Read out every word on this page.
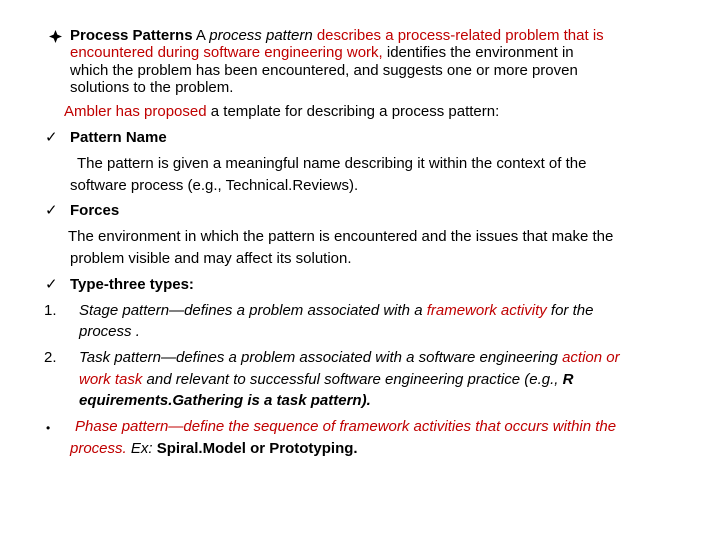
Process Patterns A process pattern describes a process-related problem that is
encountered during software engineering work, identifies the environment in
which the problem has been encountered, and suggests one or more proven
solutions to the problem.
Ambler has proposed a template for describing a process pattern:
✓ Pattern Name
The pattern is given a meaningful name describing it within the context of the
software process (e.g., Technical.Reviews).
✓ Forces
The environment in which the pattern is encountered and the issues that make the
problem visible and may affect its solution.
✓ Type-three types:
1. Stage pattern—defines a problem associated with a framework activity for the
process .
2. Task pattern—defines a problem associated with a software engineering action or
work task and relevant to successful software engineering practice (e.g., R
equirements.Gathering is a task pattern).
• Phase pattern—define the sequence of framework activities that occurs within the
process. Ex: Spiral.Model or Prototyping.
